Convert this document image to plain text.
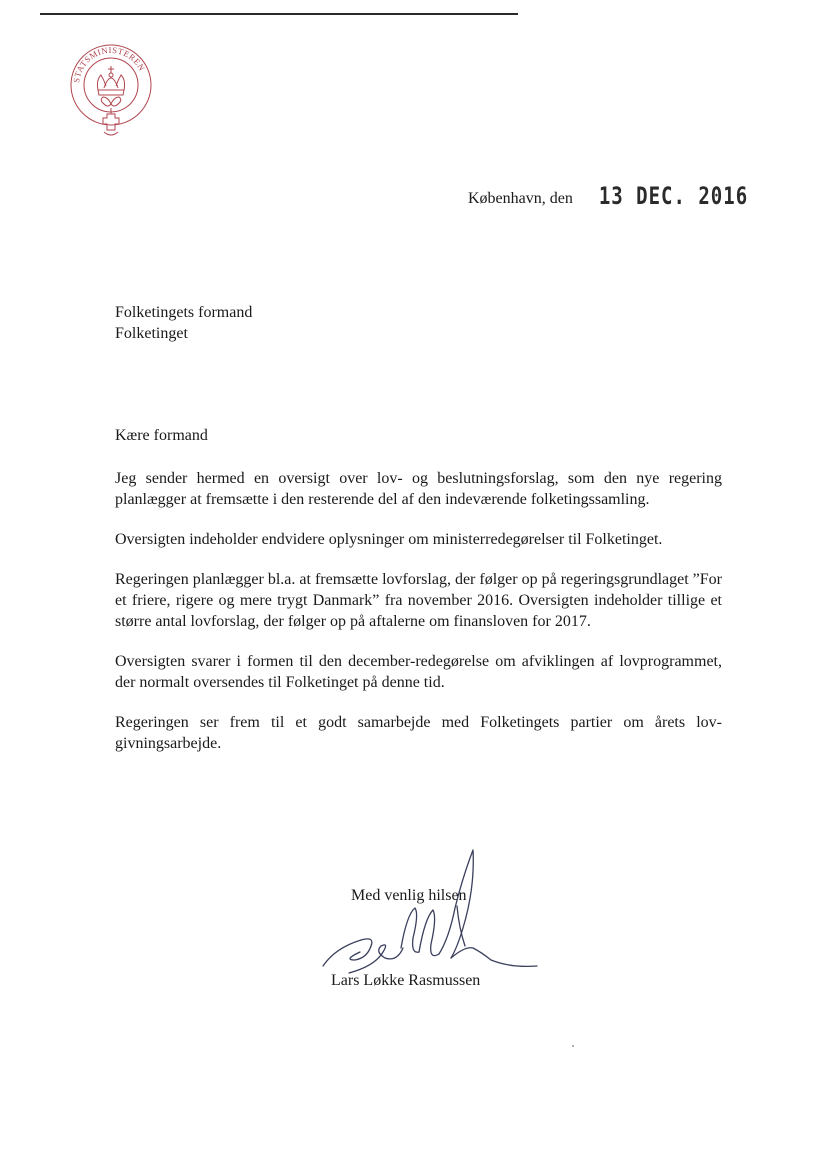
STATSMINISTEREN
København, den 13 DEC. 2016
Folketingets formand
Folketinget
Kære formand

Jeg sender hermed en oversigt over lov- og beslutningsforslag, som den nye regering planlægger at fremsætte i den resterende del af den indeværende folketingssamling.

Oversigten indeholder endvidere oplysninger om ministerredegørelser til Folketinget.

Regeringen planlægger bl.a. at fremsætte lovforslag, der følger op på regeringsgrundlaget ”For et friere, rigere og mere trygt Danmark” fra november 2016. Oversigten indeholder tillige et større antal lovforslag, der følger op på aftalerne om finansloven for 2017.

Oversigten svarer i formen til den december-redegørelse om afviklingen af lovprogrammet, der normalt oversendes til Folketinget på denne tid.

Regeringen ser frem til et godt samarbejde med Folketingets partier om årets lovgivningsarbejde.

Med venlig hilsen
Lars Løkke Rasmussen
